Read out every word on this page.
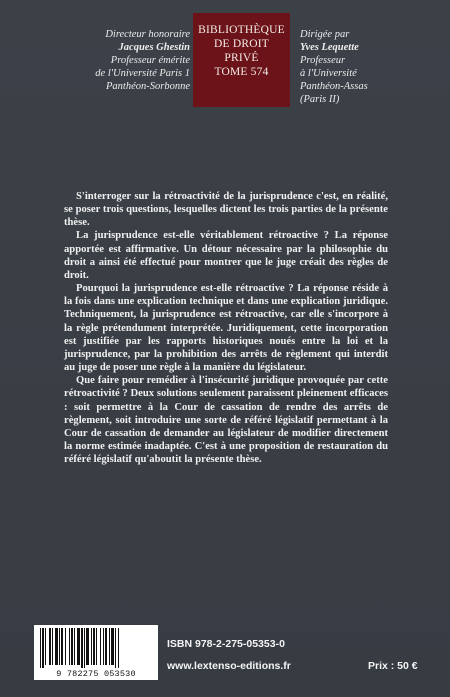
Directeur honoraire
Jacques Ghestin
Professeur émérite
de l'Université Paris 1
Panthéon-Sorbonne
BIBLIOTHÈQUE
DE DROIT
PRIVÉ
TOME 574
Dirigée par
Yves Lequette
Professeur
à l'Université
Panthéon-Assas
(Paris II)

S'interroger sur la rétroactivité de la jurisprudence c'est, en réalité, se poser trois questions, lesquelles dictent les trois parties de la présente thèse.

La jurisprudence est-elle véritablement rétroactive ? La réponse apportée est affirmative. Un détour nécessaire par la philosophie du droit a ainsi été effectué pour montrer que le juge créait des règles de droit.

Pourquoi la jurisprudence est-elle rétroactive ? La réponse réside à la fois dans une explication technique et dans une explication juridique. Techniquement, la jurisprudence est rétroactive, car elle s'incorpore à la règle prétendument interprétée. Juridiquement, cette incorporation est justifiée par les rapports historiques noués entre la loi et la jurisprudence, par la prohibition des arrêts de règlement qui interdit au juge de poser une règle à la manière du législateur.

Que faire pour remédier à l'insécurité juridique provoquée par cette rétroactivité ? Deux solutions seulement paraissent pleinement efficaces : soit permettre à la Cour de cassation de rendre des arrêts de règlement, soit introduire une sorte de référé législatif permettant à la Cour de cassation de demander au législateur de modifier directement la norme estimée inadaptée. C'est à une proposition de restauration du référé législatif qu'aboutit la présente thèse.

9 782275 053530
ISBN 978-2-275-05353-0
www.lextenso-editions.fr	Prix : 50 €
